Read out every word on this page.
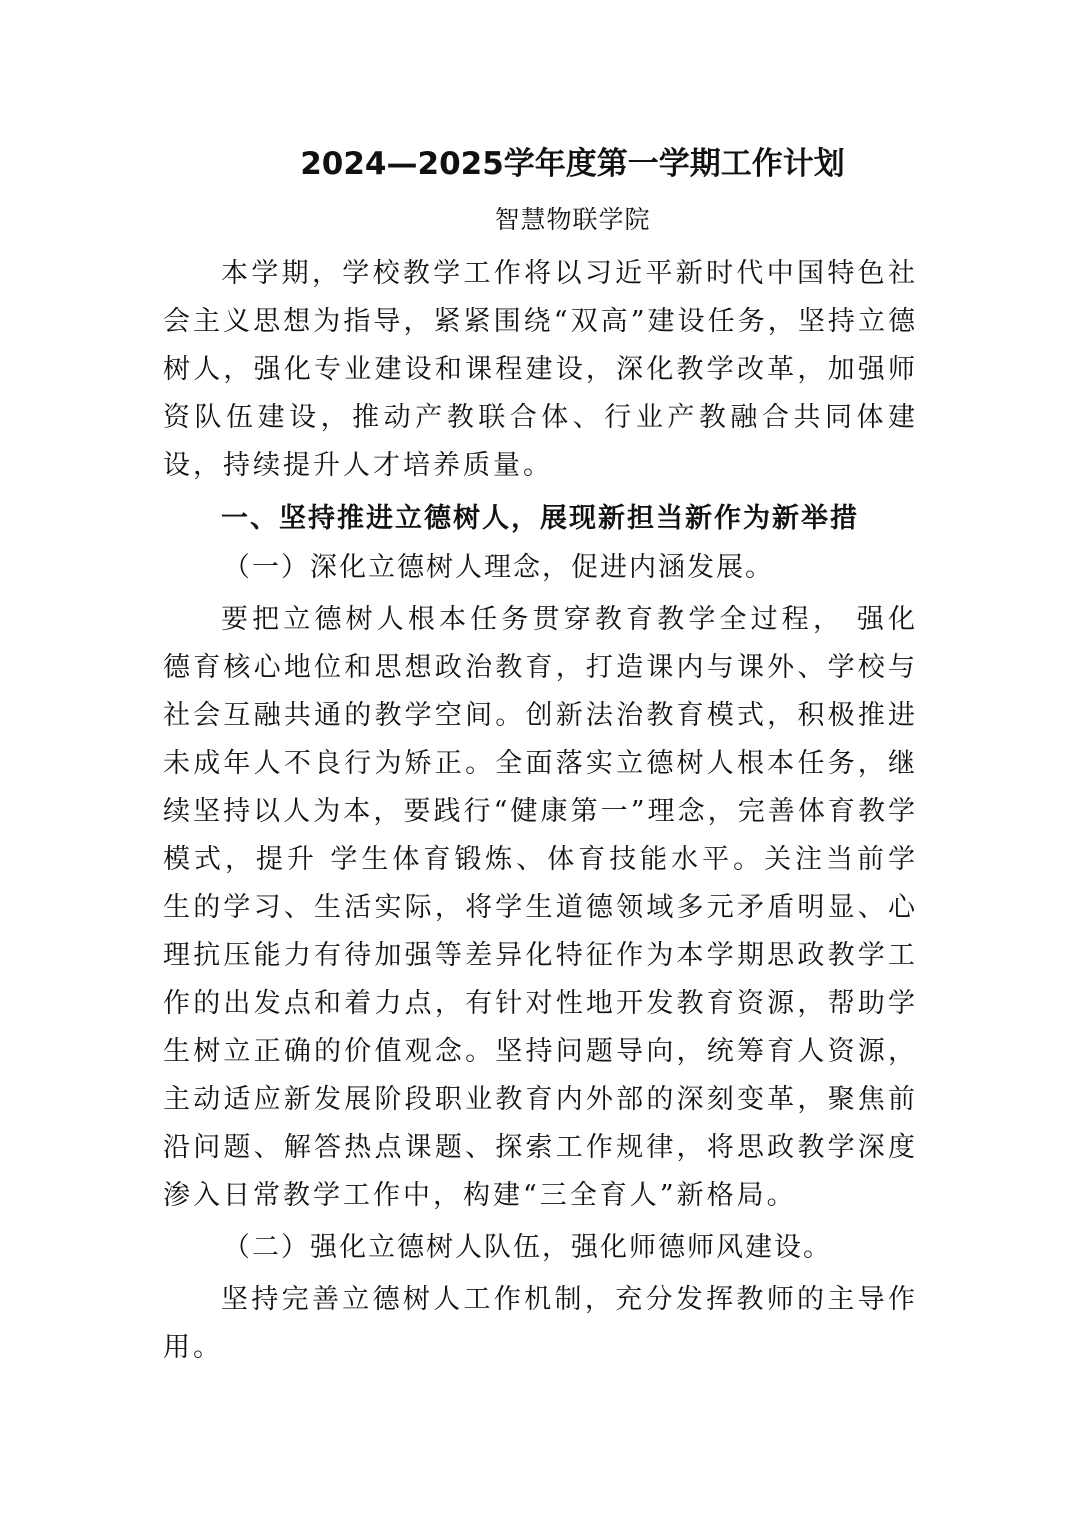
2024—2025学年度第一学期工作计划
智慧物联学院

本学期，学校教学工作将以习近平新时代中国特色社会主义思想为指导，紧紧围绕“双高”建设任务，坚持立德树人，强化专业建设和课程建设，深化教学改革，加强师资队伍建设，推动产教联合体、行业产教融合共同体建设，持续提升人才培养质量。

一、坚持推进立德树人，展现新担当新作为新举措

（一）深化立德树人理念，促进内涵发展。

要把立德树人根本任务贯穿教育教学全过程， 强化德育核心地位和思想政治教育，打造课内与课外、学校与社会互融共通的教学空间。创新法治教育模式，积极推进未成年人不良行为矫正。全面落实立德树人根本任务，继续坚持以人为本，要践行“健康第一”理念，完善体育教学模式，提升 学生体育锻炼、体育技能水平。关注当前学生的学习、生活实际，将学生道德领域多元矛盾明显、心理抗压能力有待加强等差异化特征作为本学期思政教学工作的出发点和着力点，有针对性地开发教育资源，帮助学生树立正确的价值观念。坚持问题导向，统筹育人资源，主动适应新发展阶段职业教育内外部的深刻变革，聚焦前沿问题、解答热点课题、探索工作规律，将思政教学深度渗入日常教学工作中，构建“三全育人”新格局。

（二）强化立德树人队伍，强化师德师风建设。

坚持完善立德树人工作机制，充分发挥教师的主导作用。
